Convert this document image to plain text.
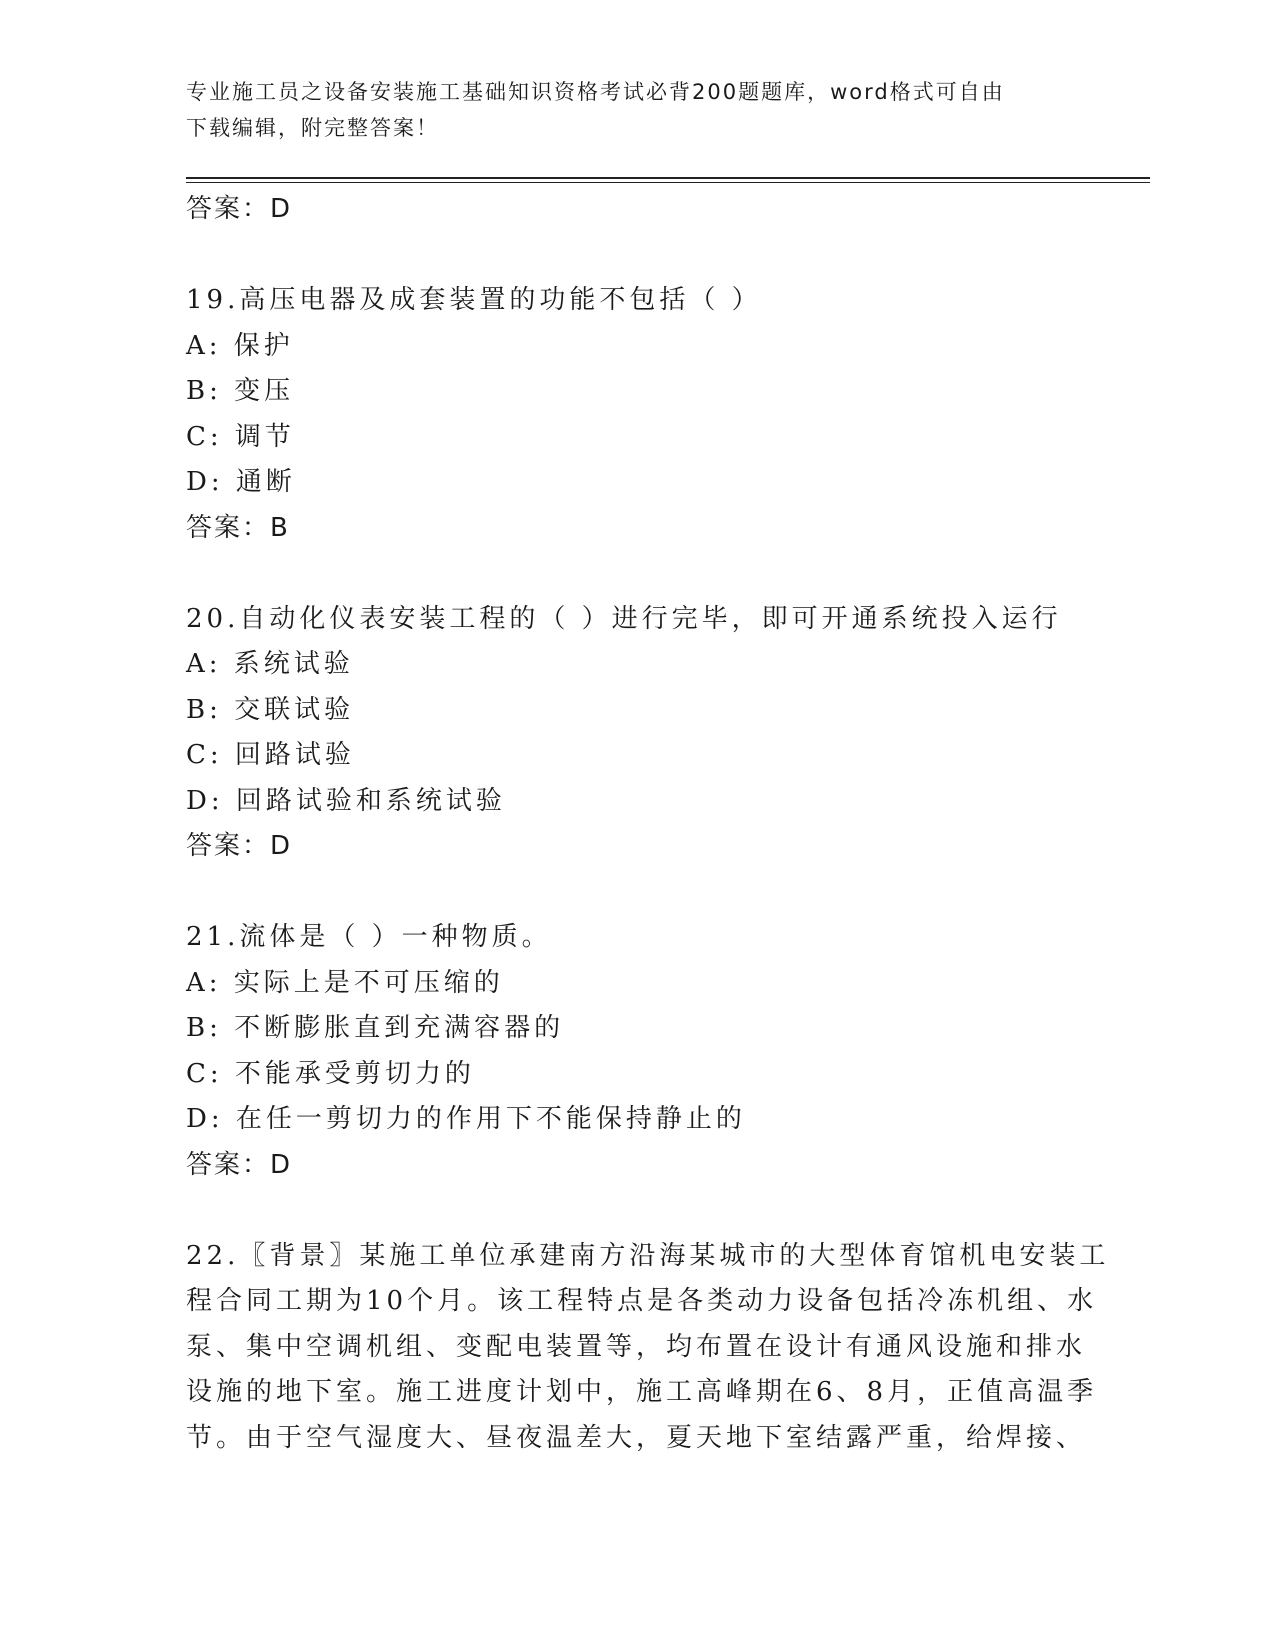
专业施工员之设备安装施工基础知识资格考试必背200题题库，word格式可自由
下载编辑，附完整答案！
答案：D
19.高压电器及成套装置的功能不包括（ ）
A: 保护
B: 变压
C: 调节
D: 通断
答案：B
20.自动化仪表安装工程的（ ）进行完毕，即可开通系统投入运行
A: 系统试验
B: 交联试验
C: 回路试验
D: 回路试验和系统试验
答案：D
21.流体是（ ）一种物质。
A: 实际上是不可压缩的
B: 不断膨胀直到充满容器的
C: 不能承受剪切力的
D: 在任一剪切力的作用下不能保持静止的
答案：D
22.〖背景〗某施工单位承建南方沿海某城市的大型体育馆机电安装工
程合同工期为10个月。该工程特点是各类动力设备包括冷冻机组、水
泵、集中空调机组、变配电装置等，均布置在设计有通风设施和排水
设施的地下室。施工进度计划中，施工高峰期在6、8月，正值高温季
节。由于空气湿度大、昼夜温差大，夏天地下室结露严重，给焊接、
